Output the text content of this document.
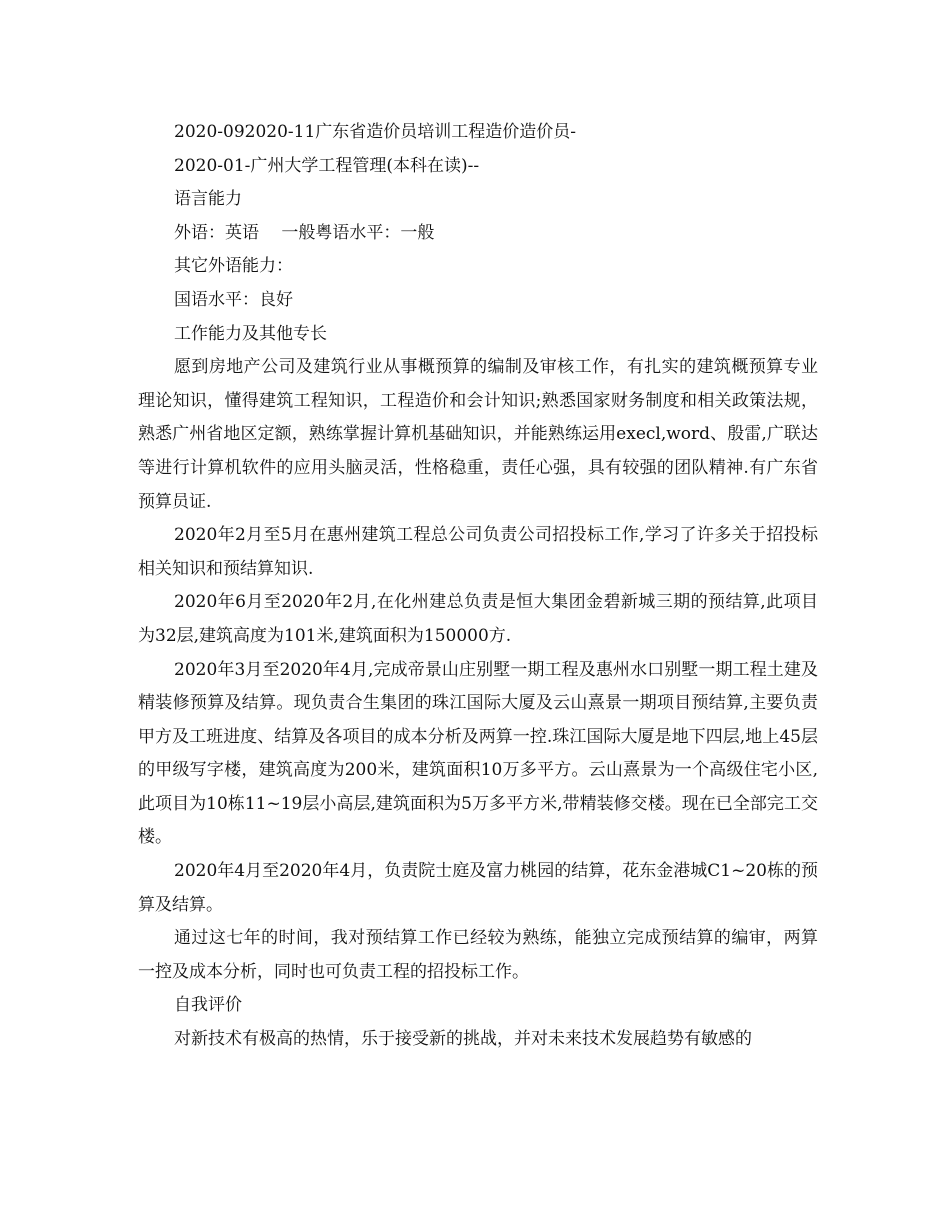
2020-092020-11广东省造价员培训工程造价造价员-

2020-01-广州大学工程管理(本科在读)--

语言能力

外语：英语　 一般粤语水平：一般

其它外语能力：

国语水平：良好

工作能力及其他专长

愿到房地产公司及建筑行业从事概预算的编制及审核工作，有扎实的建筑概预算专业理论知识，懂得建筑工程知识，工程造价和会计知识;熟悉国家财务制度和相关政策法规，熟悉广州省地区定额，熟练掌握计算机基础知识，并能熟练运用execl,word、殷雷,广联达等进行计算机软件的应用头脑灵活，性格稳重，责任心强，具有较强的团队精神.有广东省预算员证.

2020年2月至5月在惠州建筑工程总公司负责公司招投标工作,学习了许多关于招投标相关知识和预结算知识.

2020年6月至2020年2月,在化州建总负责是恒大集团金碧新城三期的预结算,此项目为32层,建筑高度为101米,建筑面积为150000方.

2020年3月至2020年4月,完成帝景山庄别墅一期工程及惠州水口别墅一期工程土建及精装修预算及结算。现负责合生集团的珠江国际大厦及云山熹景一期项目预结算,主要负责甲方及工班进度、结算及各项目的成本分析及两算一控.珠江国际大厦是地下四层,地上45层的甲级写字楼，建筑高度为200米，建筑面积10万多平方。云山熹景为一个高级住宅小区,此项目为10栋11~19层小高层,建筑面积为5万多平方米,带精装修交楼。现在已全部完工交楼。

2020年4月至2020年4月，负责院士庭及富力桃园的结算，花东金港城C1~20栋的预算及结算。

通过这七年的时间，我对预结算工作已经较为熟练，能独立完成预结算的编审，两算一控及成本分析，同时也可负责工程的招投标工作。

自我评价

对新技术有极高的热情，乐于接受新的挑战，并对未来技术发展趋势有敏感的
